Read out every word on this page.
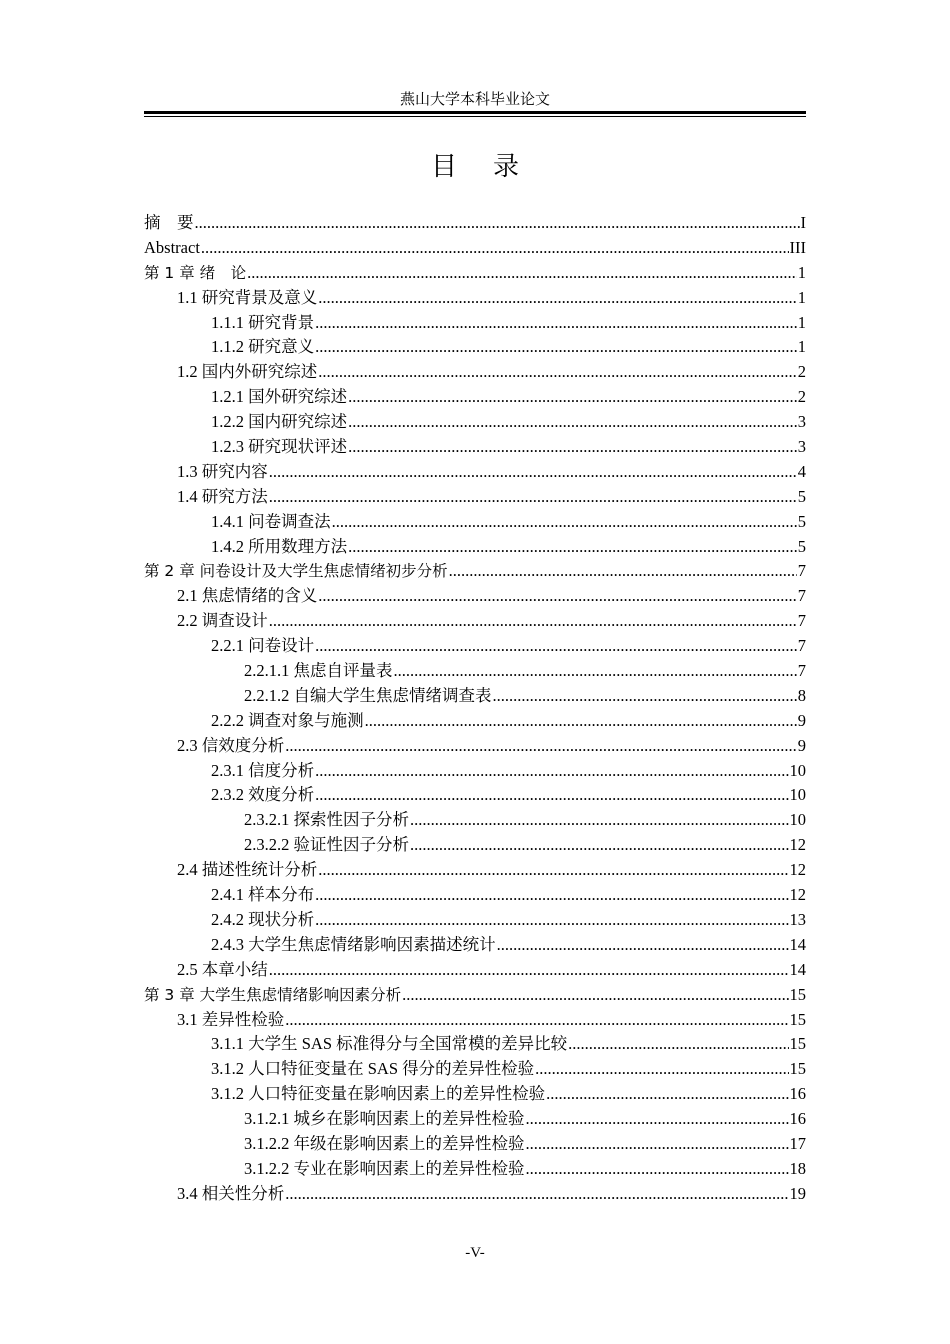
燕山大学本科毕业论文
目 录
摘　要 .....	I
Abstract .....	III
第 1 章 绪　论 .....	1
1.1 研究背景及意义 .....	1
1.1.1 研究背景 .....	1
1.1.2 研究意义 .....	1
1.2 国内外研究综述 .....	2
1.2.1 国外研究综述 .....	2
1.2.2 国内研究综述 .....	3
1.2.3 研究现状评述 .....	3
1.3 研究内容 .....	4
1.4 研究方法 .....	5
1.4.1 问卷调查法 .....	5
1.4.2 所用数理方法 .....	5
第 2 章 问卷设计及大学生焦虑情绪初步分析 .....	7
2.1 焦虑情绪的含义 .....	7
2.2 调查设计 .....	7
2.2.1 问卷设计 .....	7
2.2.1.1 焦虑自评量表 .....	7
2.2.1.2 自编大学生焦虑情绪调查表 .....	8
2.2.2 调查对象与施测 .....	9
2.3 信效度分析 .....	9
2.3.1 信度分析 .....	10
2.3.2 效度分析 .....	10
2.3.2.1 探索性因子分析 .....	10
2.3.2.2 验证性因子分析 .....	12
2.4 描述性统计分析 .....	12
2.4.1 样本分布 .....	12
2.4.2 现状分析 .....	13
2.4.3 大学生焦虑情绪影响因素描述统计 .....	14
2.5 本章小结 .....	14
第 3 章 大学生焦虑情绪影响因素分析 .....	15
3.1 差异性检验 .....	15
3.1.1 大学生 SAS 标准得分与全国常模的差异比较 .....	15
3.1.2 人口特征变量在 SAS 得分的差异性检验 .....	15
3.1.2 人口特征变量在影响因素上的差异性检验 .....	16
3.1.2.1 城乡在影响因素上的差异性检验 .....	16
3.1.2.2 年级在影响因素上的差异性检验 .....	17
3.1.2.2 专业在影响因素上的差异性检验 .....	18
3.4 相关性分析 .....	19
-V-
